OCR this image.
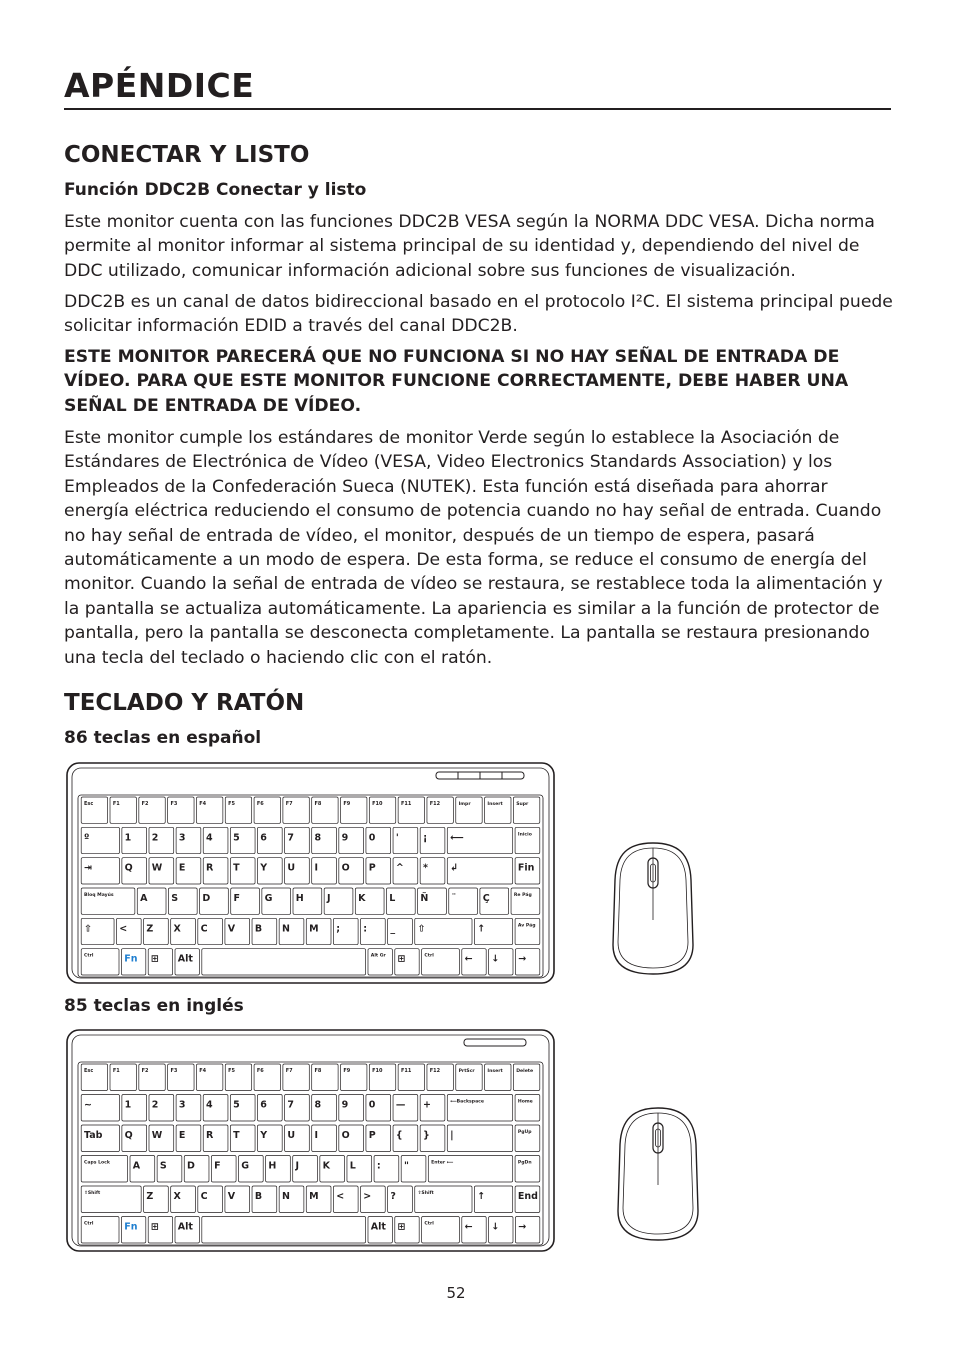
APÉNDICE
CONECTAR Y LISTO
Función DDC2B Conectar y listo
Este monitor cuenta con las funciones DDC2B VESA según la NORMA DDC VESA. Dicha norma permite al monitor informar al sistema principal de su identidad y, dependiendo del nivel de DDC utilizado, comunicar información adicional sobre sus funciones de visualización.
DDC2B es un canal de datos bidireccional basado en el protocolo I²C. El sistema principal puede solicitar información EDID a través del canal DDC2B.
ESTE MONITOR PARECERÁ QUE NO FUNCIONA SI NO HAY SEÑAL DE ENTRADA DE VÍDEO. PARA QUE ESTE MONITOR FUNCIONE CORRECTAMENTE, DEBE HABER UNA SEÑAL DE ENTRADA DE VÍDEO.
Este monitor cumple los estándares de monitor Verde según lo establece la Asociación de Estándares de Electrónica de Vídeo (VESA, Video Electronics Standards Association) y los Empleados de la Confederación Sueca (NUTEK). Esta función está diseñada para ahorrar energía eléctrica reduciendo el consumo de potencia cuando no hay señal de entrada. Cuando no hay señal de entrada de vídeo, el monitor, después de un tiempo de espera, pasará automáticamente a un modo de espera. De esta forma, se reduce el consumo de energía del monitor. Cuando la señal de entrada de vídeo se restaura, se restablece toda la alimentación y la pantalla se actualiza automáticamente. La apariencia es similar a la función de protector de pantalla, pero la pantalla se desconecta completamente. La pantalla se restaura presionando una tecla del teclado o haciendo clic con el ratón.
TECLADO Y RATÓN
86 teclas en español
Esc	F1	F2	F3	F4	F5	F6	F7	F8	F9	F10	F11	F12	Impr	Insert	Supr
º	1 2 3 4 5 6 7 8 9 0 '	¡ ⟵	Inicio
⇥	Q W E R T Y U I O P ^ * ↲	Fin
Bloq Mayús	A	S	D F	G H J	K	L	Ñ ¨	Ç	Re Pág
⇧	< Z X C V B N M ; : _ ⇧	↑	Av Pág
Ctrl	Fn ⊞ Alt	Alt Gr ⊞	Ctrl	← ↓ →
85 teclas en inglés
Esc	F1	F2	F3	F4	F5	F6	F7	F8	F9	F10	F11	F12	PrtScr	Insert	Delete
~	1 2 3 4 5 6 7 8 9 0 — +	⟵Backspace	Home
Tab Q W E R T Y U I O P { } |	PgUp
Caps Lock A S D F G H J K L : "	Enter ⟵	PgDn
⇧Shift	Z X C V B N M < > ?	⇧Shift	↑	End
Ctrl	Fn ⊞ Alt	Alt ⊞	Ctrl	← ↓ →
52
